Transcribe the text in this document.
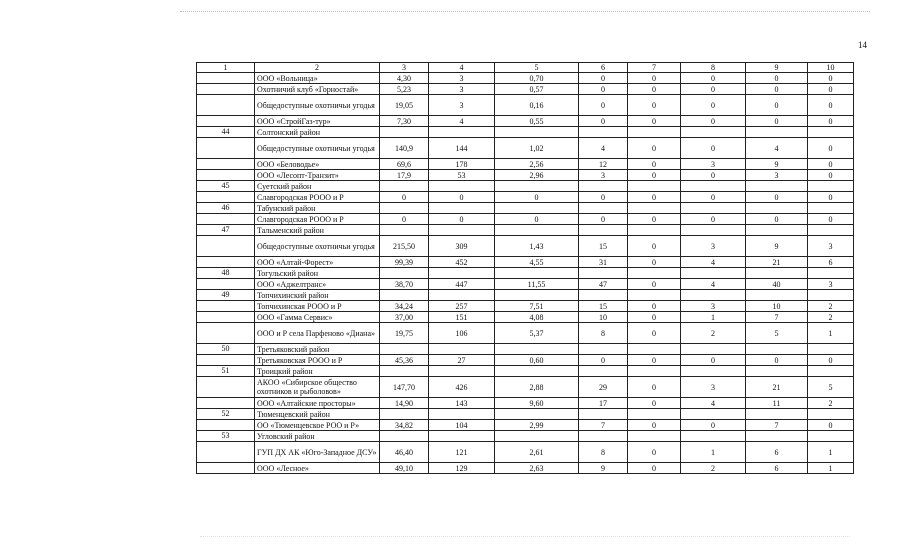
14
1	2	3	4	5	6	7	8	9	10
	ООО «Вольница»	4,30	3	0,70	0	0	0	0	0
	Охотничий клуб «Горностай»	5,23	3	0,57	0	0	0	0	0
	Общедоступные охотничьи угодья	19,05	3	0,16	0	0	0	0	0
	ООО «СтройГаз-тур»	7,30	4	0,55	0	0	0	0	0
44	Солтонский район								
	Общедоступные охотничьи угодья	140,9	144	1,02	4	0	0	4	0
	ООО «Беловодье»	69,6	178	2,56	12	0	3	9	0
	ООО «Лесопт-Транзит»	17,9	53	2,96	3	0	0	3	0
45	Суетский район								
	Славгородская РООО и Р	0	0	0	0	0	0	0	0
46	Табунский район								
	Славгородская РООО и Р	0	0	0	0	0	0	0	0
47	Тальменский район								
	Общедоступные охотничьи угодья	215,50	309	1,43	15	0	3	9	3
	ООО «Алтай-Форест»	99,39	452	4,55	31	0	4	21	6
48	Тогульский район								
	ООО «Аджелтранс»	38,70	447	11,55	47	0	4	40	3
49	Топчихинский район								
	Топчихинская РООО и Р	34,24	257	7,51	15	0	3	10	2
	ООО «Гамма Сервис»	37,00	151	4,08	10	0	1	7	2
	ООО и Р села Парфеново «Диана»	19,75	106	5,37	8	0	2	5	1
50	Третьяковский район								
	Третьяковская РООО и Р	45,36	27	0,60	0	0	0	0	0
51	Троицкий район								
	АКОО «Сибирское общество охотников и рыболовов»	147,70	426	2,88	29	0	3	21	5
	ООО «Алтайские просторы»	14,90	143	9,60	17	0	4	11	2
52	Тюменцевский район								
	ОО «Тюменцевское РОО и Р»	34,82	104	2,99	7	0	0	7	0
53	Угловский район								
	ГУП ДХ АК «Юго-Западное ДСУ»	46,40	121	2,61	8	0	1	6	1
	ООО «Лесное»	49,10	129	2,63	9	0	2	6	1
